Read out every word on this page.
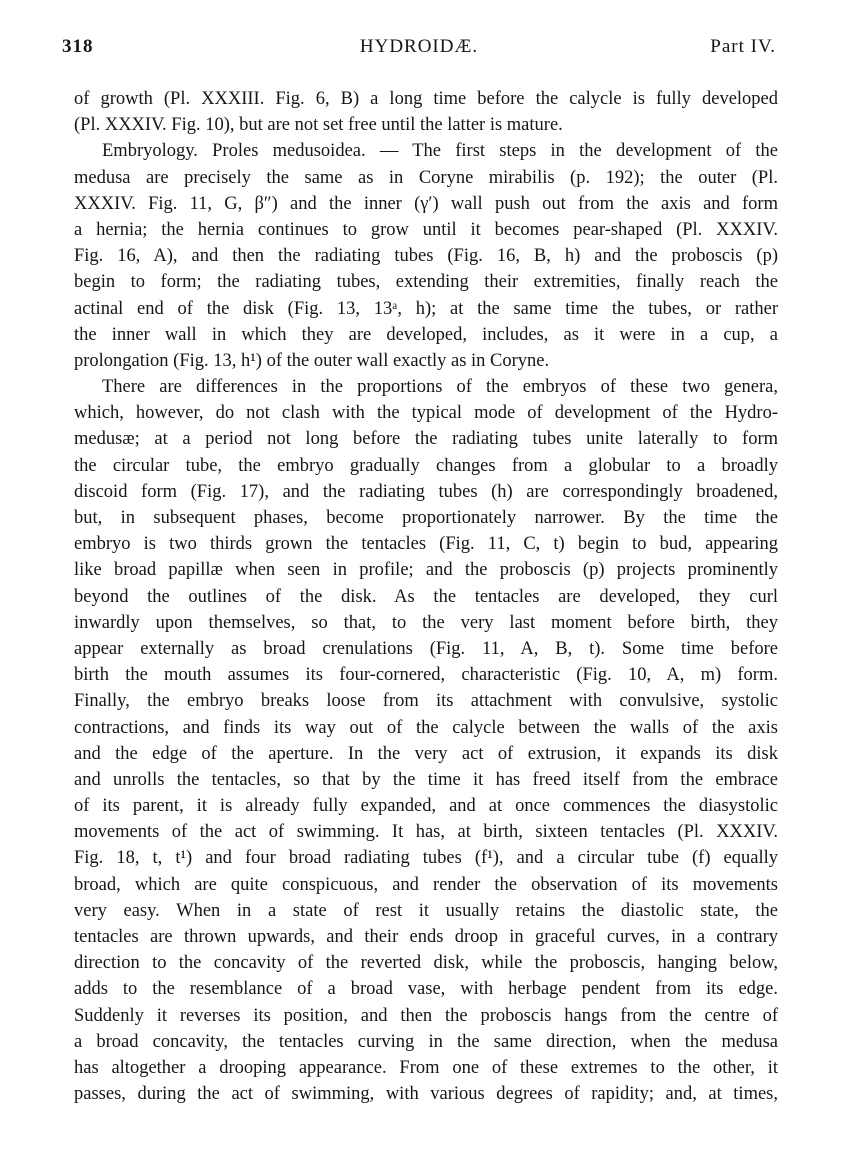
318	HYDROIDÆ.	Part IV.
of growth (Pl. XXXIII. Fig. 6, B) a long time before the calycle is fully developed
(Pl. XXXIV. Fig. 10), but are not set free until the latter is mature.
Embryology. Proles medusoidea. — The first steps in the development of the
medusa are precisely the same as in Coryne mirabilis (p. 192); the outer (Pl.
XXXIV. Fig. 11, G, β″) and the inner (γ′) wall push out from the axis and form
a hernia; the hernia continues to grow until it becomes pear-shaped (Pl. XXXIV.
Fig. 16, A), and then the radiating tubes (Fig. 16, B, h) and the proboscis (p)
begin to form; the radiating tubes, extending their extremities, finally reach the
actinal end of the disk (Fig. 13, 13ᵃ, h); at the same time the tubes, or rather
the inner wall in which they are developed, includes, as it were in a cup, a
prolongation (Fig. 13, h¹) of the outer wall exactly as in Coryne.
There are differences in the proportions of the embryos of these two genera,
which, however, do not clash with the typical mode of development of the Hydro-
medusæ; at a period not long before the radiating tubes unite laterally to form
the circular tube, the embryo gradually changes from a globular to a broadly
discoid form (Fig. 17), and the radiating tubes (h) are correspondingly broadened,
but, in subsequent phases, become proportionately narrower. By the time the
embryo is two thirds grown the tentacles (Fig. 11, C, t) begin to bud, appearing
like broad papillæ when seen in profile; and the proboscis (p) projects prominently
beyond the outlines of the disk. As the tentacles are developed, they curl
inwardly upon themselves, so that, to the very last moment before birth, they
appear externally as broad crenulations (Fig. 11, A, B, t). Some time before
birth the mouth assumes its four-cornered, characteristic (Fig. 10, A, m) form.
Finally, the embryo breaks loose from its attachment with convulsive, systolic
contractions, and finds its way out of the calycle between the walls of the axis
and the edge of the aperture. In the very act of extrusion, it expands its disk
and unrolls the tentacles, so that by the time it has freed itself from the embrace
of its parent, it is already fully expanded, and at once commences the diasystolic
movements of the act of swimming. It has, at birth, sixteen tentacles (Pl. XXXIV.
Fig. 18, t, t¹) and four broad radiating tubes (f¹), and a circular tube (f) equally
broad, which are quite conspicuous, and render the observation of its movements
very easy. When in a state of rest it usually retains the diastolic state, the
tentacles are thrown upwards, and their ends droop in graceful curves, in a contrary
direction to the concavity of the reverted disk, while the proboscis, hanging below,
adds to the resemblance of a broad vase, with herbage pendent from its edge.
Suddenly it reverses its position, and then the proboscis hangs from the centre of
a broad concavity, the tentacles curving in the same direction, when the medusa
has altogether a drooping appearance. From one of these extremes to the other, it
passes, during the act of swimming, with various degrees of rapidity; and, at times,
